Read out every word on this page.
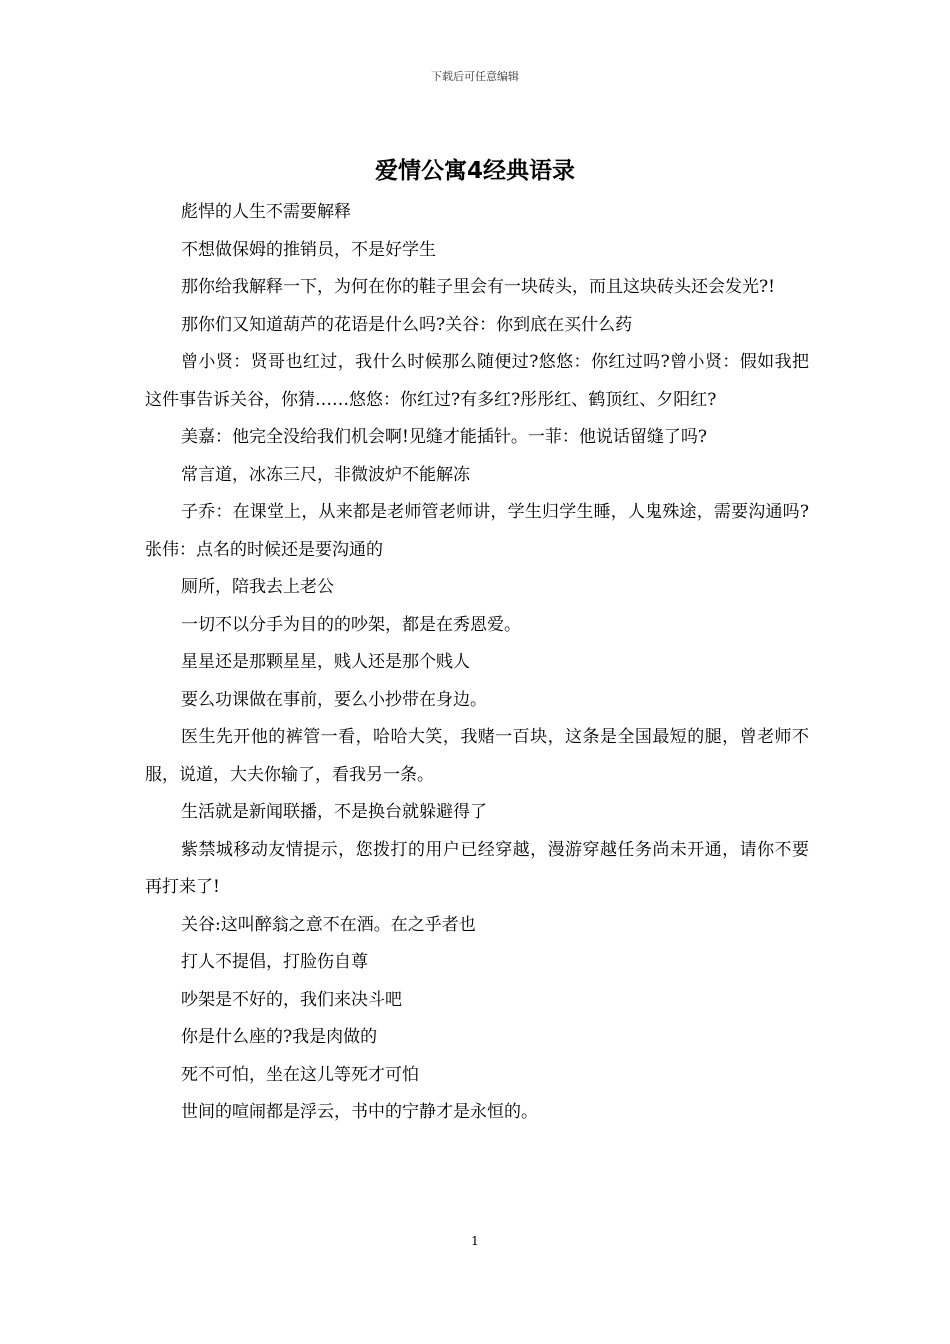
下载后可任意编辑
爱情公寓4经典语录

彪悍的人生不需要解释

不想做保姆的推销员，不是好学生

那你给我解释一下，为何在你的鞋子里会有一块砖头，而且这块砖头还会发光?!

那你们又知道葫芦的花语是什么吗?关谷：你到底在买什么药

曾小贤：贤哥也红过，我什么时候那么随便过?悠悠：你红过吗?曾小贤：假如我把这件事告诉关谷，你猜……悠悠：你红过?有多红?彤彤红、鹤顶红、夕阳红?

美嘉：他完全没给我们机会啊!见缝才能插针。一菲：他说话留缝了吗?

常言道，冰冻三尺，非微波炉不能解冻

子乔：在课堂上，从来都是老师管老师讲，学生归学生睡，人鬼殊途，需要沟通吗?张伟：点名的时候还是要沟通的

厕所，陪我去上老公

一切不以分手为目的的吵架，都是在秀恩爱。

星星还是那颗星星，贱人还是那个贱人

要么功课做在事前，要么小抄带在身边。

医生先开他的裤管一看，哈哈大笑，我赌一百块，这条是全国最短的腿，曾老师不服，说道，大夫你输了，看我另一条。

生活就是新闻联播，不是换台就躲避得了

紫禁城移动友情提示，您拨打的用户已经穿越，漫游穿越任务尚未开通，请你不要再打来了!

关谷:这叫醉翁之意不在酒。在之乎者也

打人不提倡，打脸伤自尊

吵架是不好的，我们来决斗吧

你是什么座的?我是肉做的

死不可怕，坐在这儿等死才可怕

世间的喧闹都是浮云，书中的宁静才是永恒的。

1
